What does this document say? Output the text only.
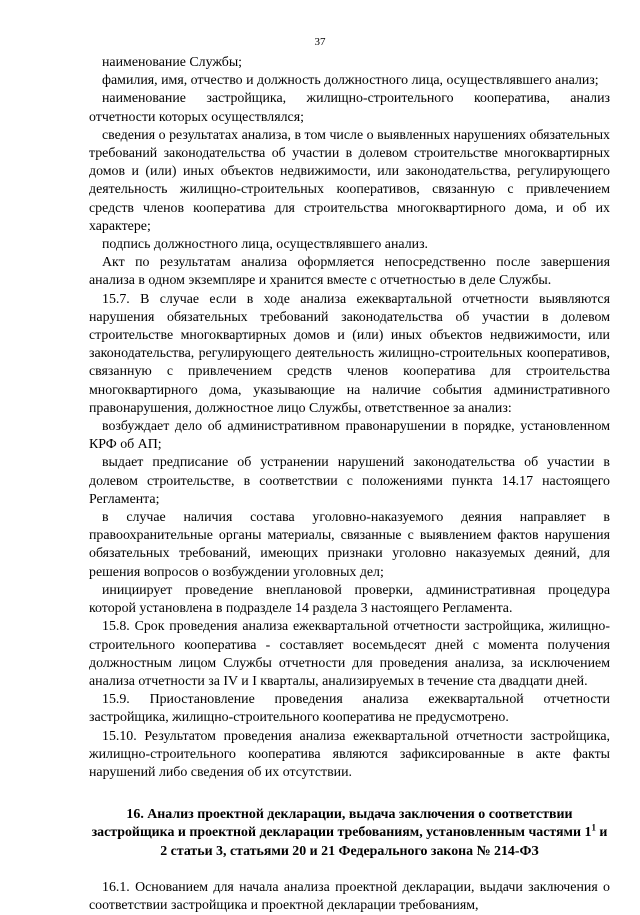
37

наименование Службы;

фамилия, имя, отчество и должность должностного лица, осуществлявшего анализ;

наименование застройщика, жилищно-строительного кооператива, анализ отчетности которых осуществлялся;

сведения о результатах анализа, в том числе о выявленных нарушениях обязательных требований законодательства об участии в долевом строительстве многоквартирных домов и (или) иных объектов недвижимости, или законодательства, регулирующего деятельность жилищно-строительных кооперативов, связанную с привлечением средств членов кооператива для строительства многоквартирного дома, и об их характере;

подпись должностного лица, осуществлявшего анализ.

Акт по результатам анализа оформляется непосредственно после завершения анализа в одном экземпляре и хранится вместе с отчетностью в деле Службы.

15.7. В случае если в ходе анализа ежеквартальной отчетности выявляются нарушения обязательных требований законодательства об участии в долевом строительстве многоквартирных домов и (или) иных объектов недвижимости, или законодательства, регулирующего деятельность жилищно-строительных кооперативов, связанную с привлечением средств членов кооператива для строительства многоквартирного дома, указывающие на наличие события административного правонарушения, должностное лицо Службы, ответственное за анализ:

возбуждает дело об административном правонарушении в порядке, установленном КРФ об АП;

выдает предписание об устранении нарушений законодательства об участии в долевом строительстве, в соответствии с положениями пункта 14.17 настоящего Регламента;

в случае наличия состава уголовно-наказуемого деяния направляет в правоохранительные органы материалы, связанные с выявлением фактов нарушения обязательных требований, имеющих признаки уголовно наказуемых деяний, для решения вопросов о возбуждении уголовных дел;

инициирует проведение внеплановой проверки, административная процедура которой установлена в подразделе 14 раздела 3 настоящего Регламента.

15.8. Срок проведения анализа ежеквартальной отчетности застройщика, жилищно-строительного кооператива - составляет восемьдесят дней с момента получения должностным лицом Службы отчетности для проведения анализа, за исключением анализа отчетности за IV и I кварталы, анализируемых в течение ста двадцати дней.

15.9. Приостановление проведения анализа ежеквартальной отчетности застройщика, жилищно-строительного кооператива не предусмотрено.

15.10. Результатом проведения анализа ежеквартальной отчетности застройщика, жилищно-строительного кооператива являются зафиксированные в акте факты нарушений либо сведения об их отсутствии.

16. Анализ проектной декларации, выдача заключения о соответствии застройщика и проектной декларации требованиям, установленным частями $1^1$ и 2 статьи 3, статьями 20 и 21 Федерального закона № 214-ФЗ

16.1. Основанием для начала анализа проектной декларации, выдачи заключения о соответствии застройщика и проектной декларации требованиям,
